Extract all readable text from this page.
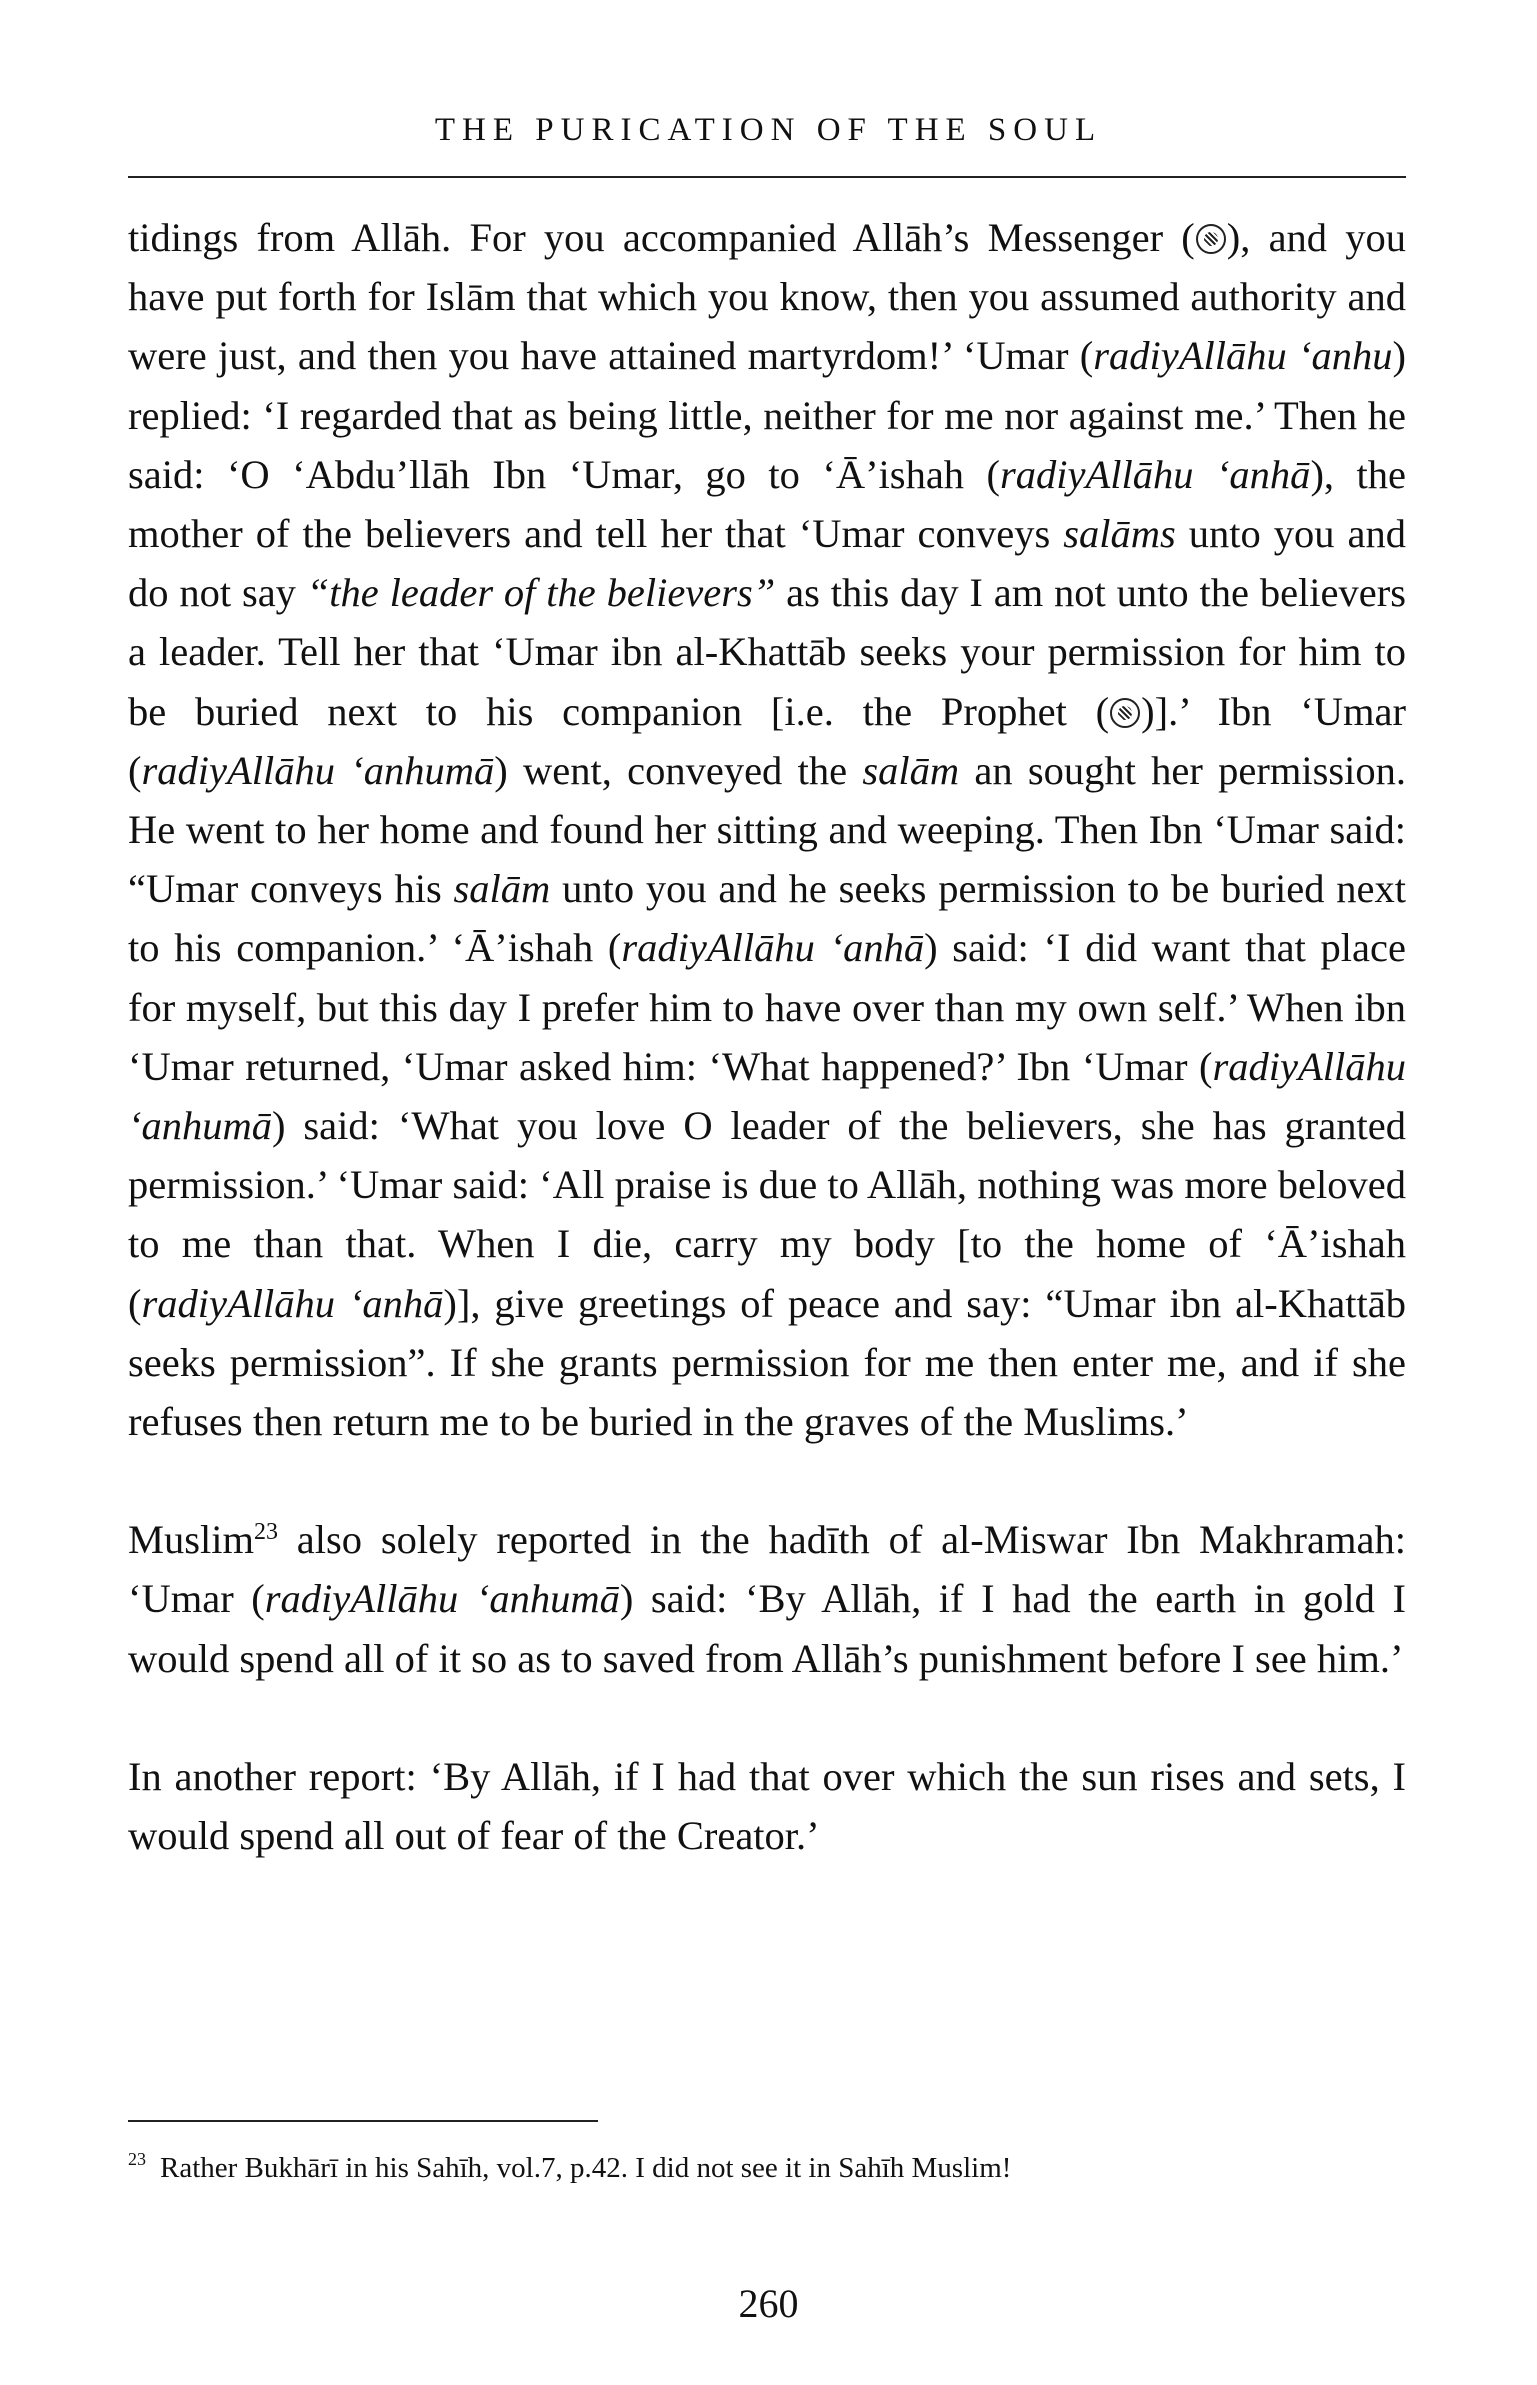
THE PURICATION OF THE SOUL

tidings from Allāh. For you accompanied Allāh’s Messenger ( ), and you have put forth for Islām that which you know, then you assumed authority and were just, and then you have attained martyrdom!’ ‘Umar (radiyAllāhu ‘anhu) replied: ‘I regarded that as being little, neither for me nor against me.’ Then he said: ‘O ‘Abdu’llāh Ibn ‘Umar, go to ‘Ā’ishah (radiyAllāhu ‘anhā), the mother of the believers and tell her that ‘Umar conveys salāms unto you and do not say “the leader of the believers” as this day I am not unto the believers a leader. Tell her that ‘Umar ibn al-Khattāb seeks your permission for him to be buried next to his companion [i.e. the Prophet ( )].’ Ibn ‘Umar (radiyAllāhu ‘anhumā) went, conveyed the salām an sought her permission. He went to her home and found her sitting and weeping. Then Ibn ‘Umar said: “Umar conveys his salām unto you and he seeks permission to be buried next to his companion.’ ‘Ā’ishah (radiyAllāhu ‘anhā) said: ‘I did want that place for myself, but this day I prefer him to have over than my own self.’ When ibn ‘Umar returned, ‘Umar asked him: ‘What happened?’ Ibn ‘Umar (radiyAllāhu ‘anhumā) said: ‘What you love O leader of the believers, she has granted permission.’ ‘Umar said: ‘All praise is due to Allāh, nothing was more beloved to me than that. When I die, carry my body [to the home of ‘Ā’ishah (radiyAllāhu ‘anhā)], give greetings of peace and say: “Umar ibn al-Khattāb seeks permission”. If she grants permission for me then enter me, and if she refuses then return me to be buried in the graves of the Muslims.’

Muslim$^{23}$ also solely reported in the hadīth of al-Miswar Ibn Makhramah: ‘Umar (radiyAllāhu ‘anhumā) said: ‘By Allāh, if I had the earth in gold I would spend all of it so as to saved from Allāh’s punishment before I see him.’

In another report: ‘By Allāh, if I had that over which the sun rises and sets, I would spend all out of fear of the Creator.’

$^{23}$ Rather Bukhārī in his Sahīh, vol.7, p.42. I did not see it in Sahīh Muslim!
260
